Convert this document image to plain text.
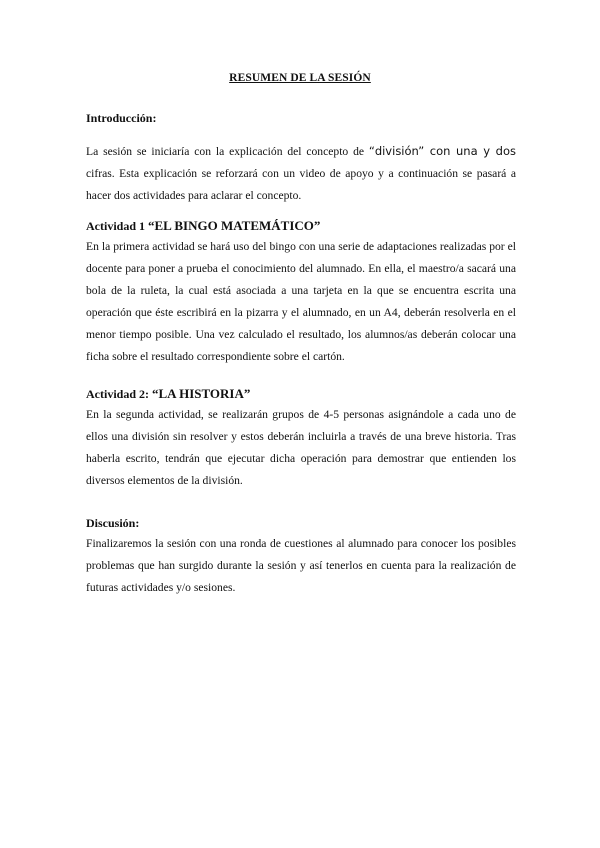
RESUMEN DE LA SESIÓN

Introducción:

La sesión se iniciaría con la explicación del concepto de “división” con una y dos cifras. Esta explicación se reforzará con un video de apoyo y a continuación se pasará a hacer dos actividades para aclarar el concepto.

Actividad 1 “EL BINGO MATEMÁTICO”

En la primera actividad se hará uso del bingo con una serie de adaptaciones realizadas por el docente para poner a prueba el conocimiento del alumnado. En ella, el maestro/a sacará una bola de la ruleta, la cual está asociada a una tarjeta en la que se encuentra escrita una operación que éste escribirá en la pizarra y el alumnado, en un A4, deberán resolverla en el menor tiempo posible. Una vez calculado el resultado, los alumnos/as deberán colocar una ficha sobre el resultado correspondiente sobre el cartón.

Actividad 2: “LA HISTORIA”

En la segunda actividad, se realizarán grupos de 4-5 personas asignándole a cada uno de ellos una división sin resolver y estos deberán incluirla a través de una breve historia. Tras haberla escrito, tendrán que ejecutar dicha operación para demostrar que entienden los diversos elementos de la división.

Discusión:

Finalizaremos la sesión con una ronda de cuestiones al alumnado para conocer los posibles problemas que han surgido durante la sesión y así tenerlos en cuenta para la realización de futuras actividades y/o sesiones.
